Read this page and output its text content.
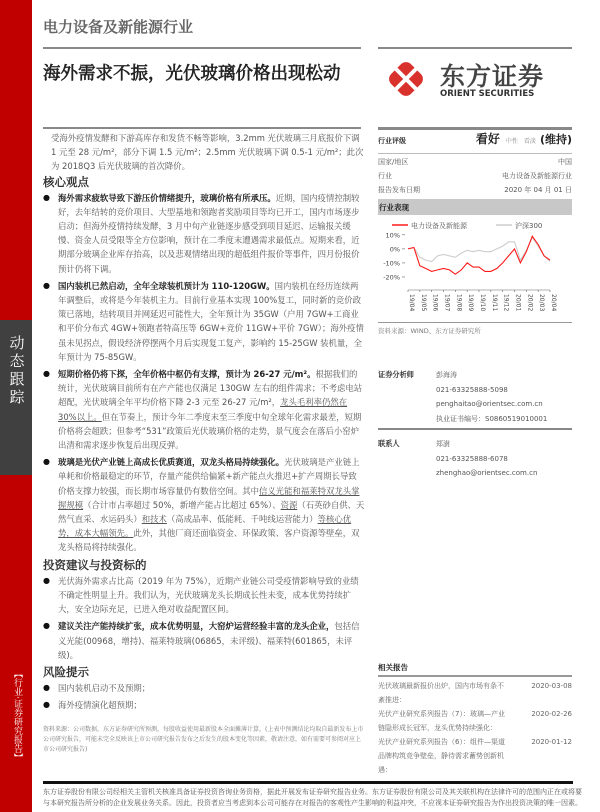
动态跟踪
【行业·证券研究报告】
电力设备及新能源行业
海外需求不振，光伏玻璃价格出现松动	东方证券
ORIENT SECURITIES

受海外疫情发酵和下游高库存和发货不畅等影响，3.2mm 光伏玻璃三月底报价下调 1 元至 28 元/m²，部分下调 1.5 元/m²；2.5mm 光伏玻璃下调 0.5-1 元/m²；此次为 2018Q3 后光伏玻璃的首次降价。

核心观点
● 海外需求疲软导致下游压价情绪提升，玻璃价格有所承压。近期，国内疫情控制较好，去年结转的竞价项目、大型基地和领跑者奖励项目等均已开工，国内市场逐步启动；但海外疫情持续发酵，3 月中旬产业链逐步感受到项目延迟、运输报关缓慢、资金人员受限等全方位影响，预计在二季度末遭遇需求最低点。短期来看，近期部分玻璃企业库存抬高，以及悲观情绪出现的超低组件报价等事件，四月份报价预计仍将下调。
● 国内装机已然启动，全年全球装机预计为 110-120GW。国内装机在经历连续两年调整后，或将是今年装机主力。目前行业基本实现 100%复工，同时新的竞价政策已落地，结转项目并网延迟可能性大，全年预计为 35GW（户用 7GW+工商业和平价分布式 4GW+领跑者特高压等 6GW+竞价 11GW+平价 7GW）；海外疫情虽未见拐点，假设经济停摆两个月后实现复工复产，影响约 15-25GW 装机量，全年预计为 75-85GW。
● 短期价格仍将下探，全年价格中枢仍有支撑，预计为 26-27 元/m²。根据我们的统计，光伏玻璃目前所有在产产能也仅满足 130GW 左右的组件需求；不考虑电站超配，光伏玻璃全年平均价格下降 2-3 元至 26-27 元/m²，龙头毛利率仍然在 30%以上。但在节奏上，预计今年二季度末至三季度中旬全球年化需求最差，短期价格将会超跌；但参考“531”政策后光伏玻璃价格的走势，景气度会在落后小窑炉出清和需求逐步恢复后出现反弹。
● 玻璃是光伏产业链上高成长优质赛道，双龙头格局持续强化。光伏玻璃是产业链上单耗和价格最稳定的环节，存量产能供给偏紧+新产能点火推迟+扩产周期长导致价格支撑力较强，而长期市场容量仍有数倍空间。其中信义光能和福莱特双龙头掌握规模（合计市占率超过 50%，新增产能占比超过 65%）、资源（石英砂自供、天然气直采、水运码头）和技术（高成品率、低能耗、千吨线运营能力）等核心优势，成本大幅领先。此外，其他厂商还面临资金、环保政策、客户资源等壁垒，双龙头格局将持续强化。
投资建议与投资标的
● 光伏海外需求占比高（2019 年为 75%），近期产业链公司受疫情影响导致的业绩不确定性明显上升。我们认为，光伏玻璃龙头长期成长性未变，成本优势持续扩大，安全边际充足，已进入绝对收益配置区间。
● 建议关注产能持续扩张，成本优势明显，大窑炉运营经验丰富的龙头企业，包括信义光能(00968，增持)、福莱特玻璃(06865，未评级)、福莱特(601865，未评级)。
风险提示
● 国内装机启动不及预期；
● 海外疫情演化超预期；
资料来源：公司数据，东方证券研究所预测，每股收益使用最新股本全面摊薄计算，(上表中预测结论均取自最新发布上市公司研究报告，可能未完全反映该上市公司研究报告发布之后发生的股本变化等因素，敬请注意，如有需要可参阅对应上市公司研究报告)
东方证券股份有限公司经相关主管机关核准具备证券投资咨询业务资格，据此开展发布证券研究报告业务。东方证券股份有限公司及其关联机构在法律许可的范围内正在或将要与本研究报告所分析的企业发展业务关系。因此，投资者应当考虑到本公司可能存在对报告的客观性产生影响的利益冲突，不应视本证券研究报告为作出投资决策的唯一因素。
行业评级	看好 中性 看淡 (维持)
国家/地区	中国
行业	电力设备及新能源行业
报告发布日期	2020 年 04 月 01 日
行业表现
电力设备及新能源	沪深300
10%
0%
-10%
-20%
19/04 19/05 19/06 19/07 19/08 19/09 19/10 19/11 19/12 20/01 20/02 20/03 20/04
资料来源：WIND、东方证券研究所
证券分析师	彭海涛
021-63325888-5098
penghaitao@orientsec.com.cn
执业证书编号：S0860519010001
联系人	郑澍
021-63325888-6078
zhenghao@orientsec.com.cn
相关报告
光伏玻璃最新报价出炉，国内市场有条不紊推进：
2020-03-08
光伏产业研究系列报告（7）：玻璃—产业链隐形成长冠军，龙头优势持续强化：
2020-02-26
光伏产业研究系列报告（6）：组件—渠道品牌构筑竞争壁垒，静待需求蓄势创新机遇：
2020-01-12
